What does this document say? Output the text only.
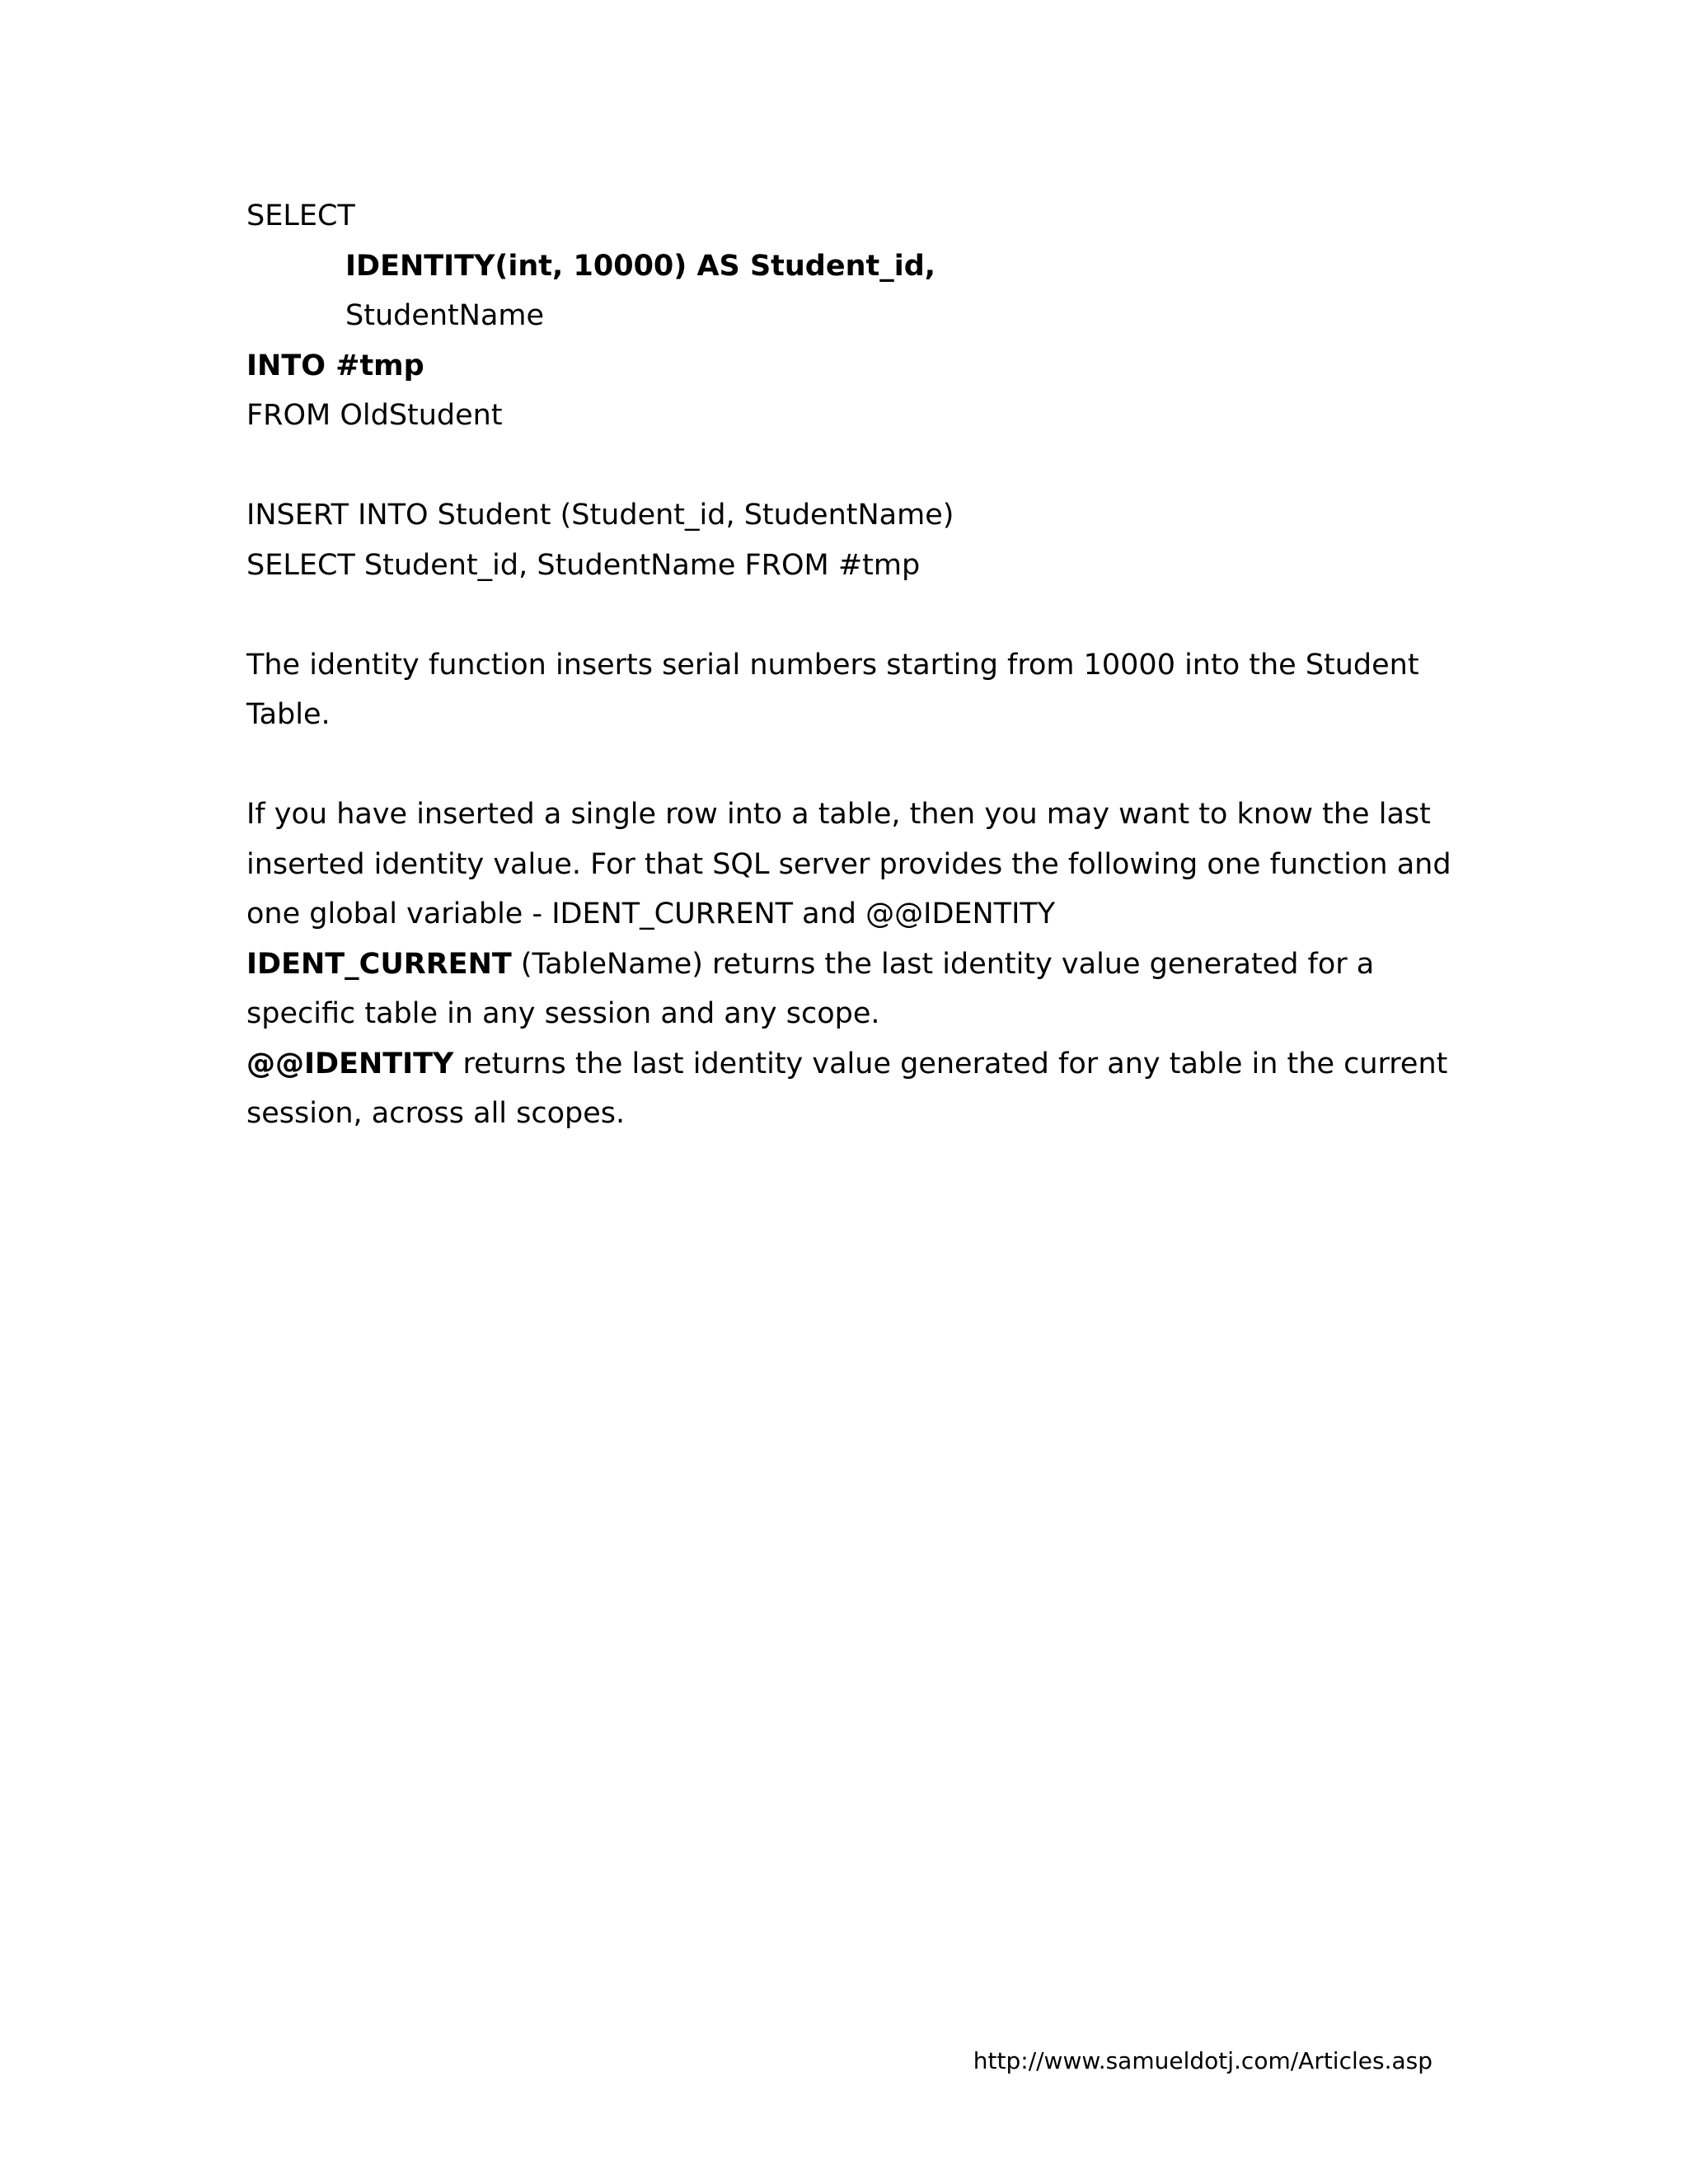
SELECT
IDENTITY(int, 10000) AS Student_id,
StudentName
INTO #tmp
FROM OldStudent
INSERT INTO Student (Student_id, StudentName)
SELECT Student_id, StudentName FROM #tmp
The identity function inserts serial numbers starting from 10000 into the Student
Table.
If you have inserted a single row into a table, then you may want to know the last
inserted identity value. For that SQL server provides the following one function and
one global variable - IDENT_CURRENT and @@IDENTITY
IDENT_CURRENT (TableName) returns the last identity value generated for a
specific table in any session and any scope.
@@IDENTITY returns the last identity value generated for any table in the current
session, across all scopes.
http://www.samueldotj.com/Articles.asp
